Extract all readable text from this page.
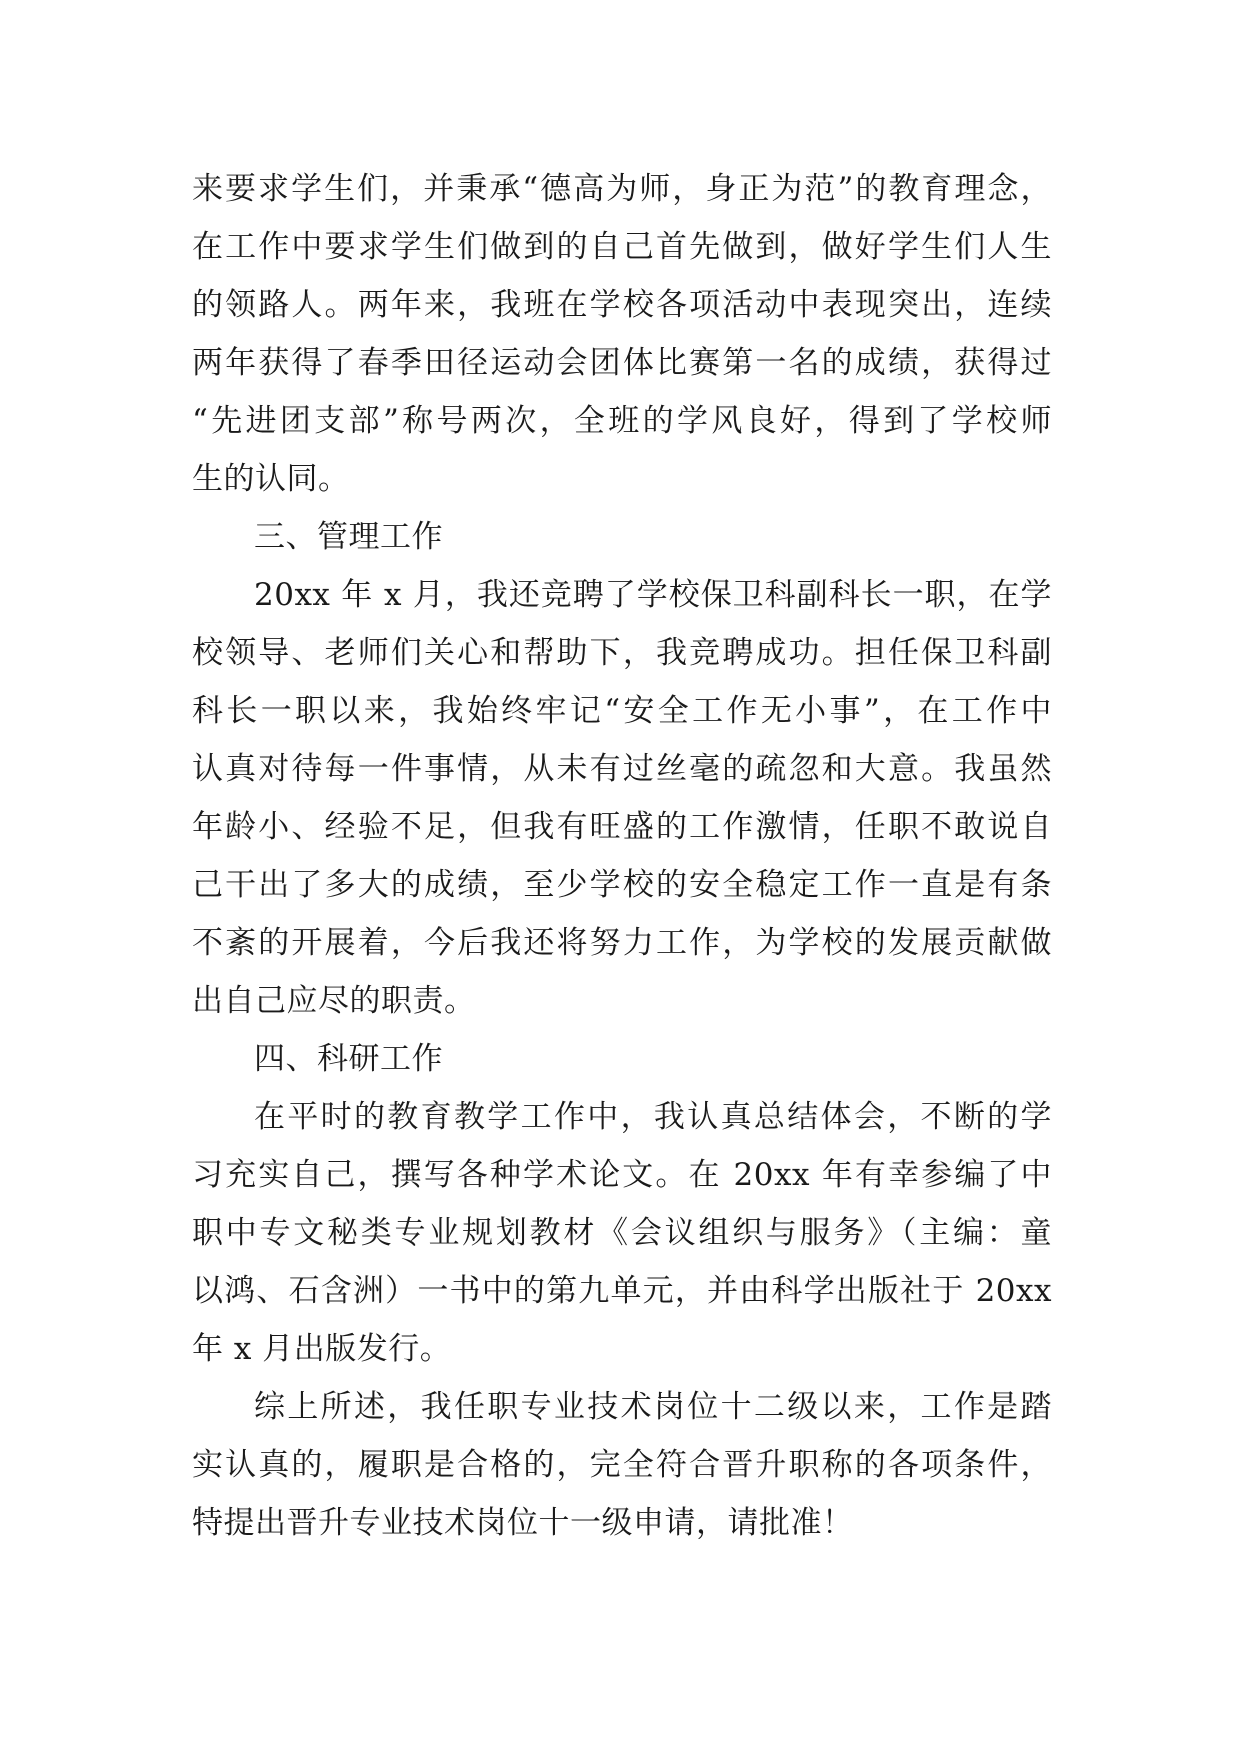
来要求学生们，并秉承“德高为师，身正为范”的教育理念，
在工作中要求学生们做到的自己首先做到，做好学生们人生
的领路人。两年来，我班在学校各项活动中表现突出，连续
两年获得了春季田径运动会团体比赛第一名的成绩，获得过
“先进团支部”称号两次，全班的学风良好，得到了学校师
生的认同。
三、管理工作
20xx 年 x 月，我还竞聘了学校保卫科副科长一职，在学
校领导、老师们关心和帮助下，我竞聘成功。担任保卫科副
科长一职以来，我始终牢记“安全工作无小事”，在工作中
认真对待每一件事情，从未有过丝毫的疏忽和大意。我虽然
年龄小、经验不足，但我有旺盛的工作激情，任职不敢说自
己干出了多大的成绩，至少学校的安全稳定工作一直是有条
不紊的开展着，今后我还将努力工作，为学校的发展贡献做
出自己应尽的职责。
四、科研工作
在平时的教育教学工作中，我认真总结体会，不断的学
习充实自己，撰写各种学术论文。在 20xx 年有幸参编了中
职中专文秘类专业规划教材《会议组织与服务》（主编：童
以鸿、石含洲）一书中的第九单元，并由科学出版社于 20xx
年 x 月出版发行。
综上所述，我任职专业技术岗位十二级以来，工作是踏
实认真的，履职是合格的，完全符合晋升职称的各项条件，
特提出晋升专业技术岗位十一级申请，请批准！
